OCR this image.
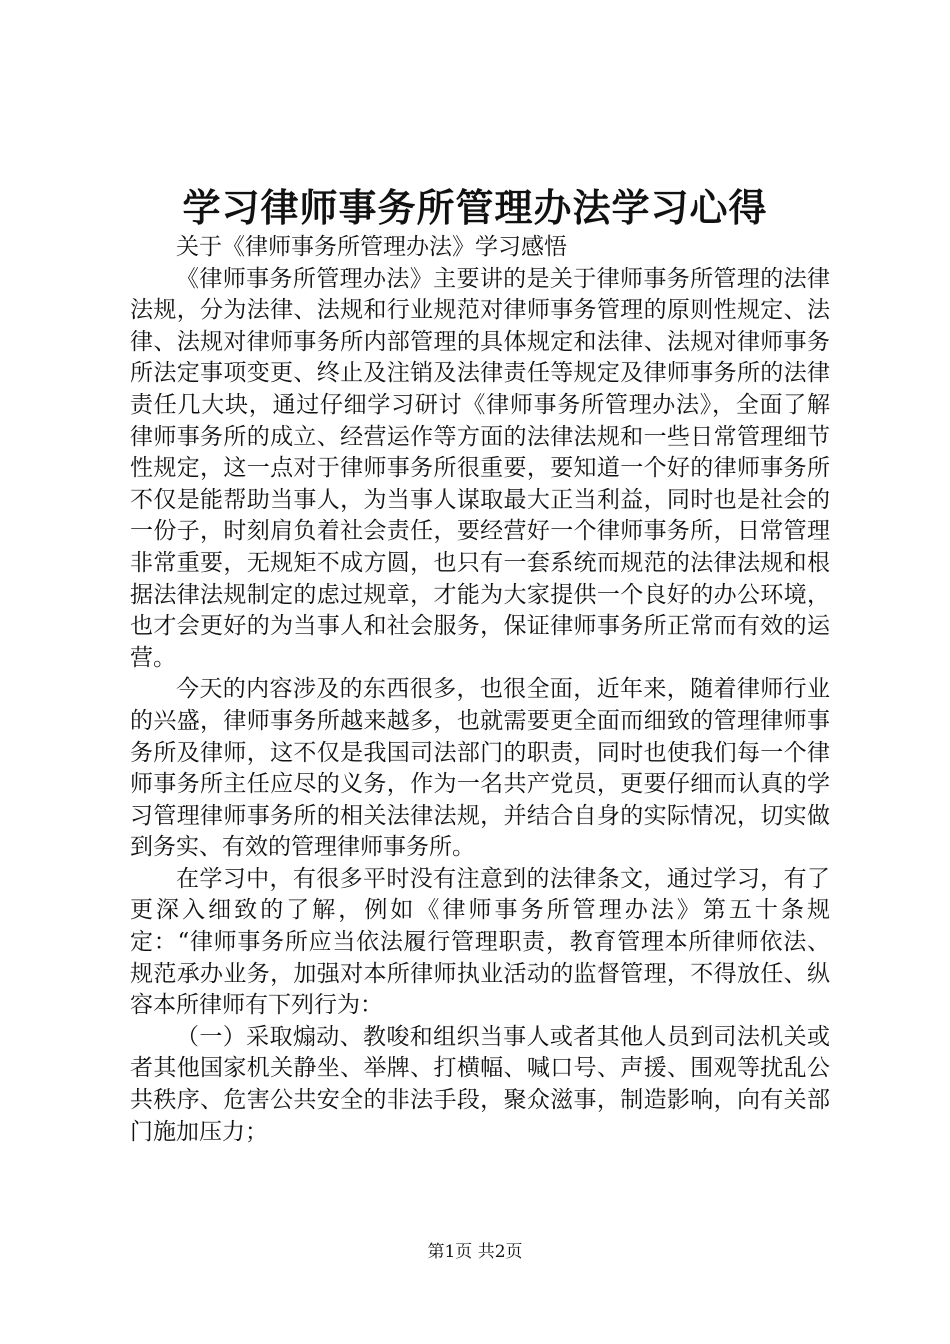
学习律师事务所管理办法学习心得

关于《律师事务所管理办法》学习感悟

《律师事务所管理办法》主要讲的是关于律师事务所管理的法律法规，分为法律、法规和行业规范对律师事务管理的原则性规定、法律、法规对律师事务所内部管理的具体规定和法律、法规对律师事务所法定事项变更、终止及注销及法律责任等规定及律师事务所的法律责任几大块，通过仔细学习研讨《律师事务所管理办法》，全面了解律师事务所的成立、经营运作等方面的法律法规和一些日常管理细节性规定，这一点对于律师事务所很重要，要知道一个好的律师事务所不仅是能帮助当事人，为当事人谋取最大正当利益，同时也是社会的一份子，时刻肩负着社会责任，要经营好一个律师事务所，日常管理非常重要，无规矩不成方圆，也只有一套系统而规范的法律法规和根据法律法规制定的虑过规章，才能为大家提供一个良好的办公环境，也才会更好的为当事人和社会服务，保证律师事务所正常而有效的运营。

今天的内容涉及的东西很多，也很全面，近年来，随着律师行业的兴盛，律师事务所越来越多，也就需要更全面而细致的管理律师事务所及律师，这不仅是我国司法部门的职责，同时也使我们每一个律师事务所主任应尽的义务，作为一名共产党员，更要仔细而认真的学习管理律师事务所的相关法律法规，并结合自身的实际情况，切实做到务实、有效的管理律师事务所。

在学习中，有很多平时没有注意到的法律条文，通过学习，有了更深入细致的了解，例如《律师事务所管理办法》第五十条规定：“律师事务所应当依法履行管理职责，教育管理本所律师依法、规范承办业务，加强对本所律师执业活动的监督管理，不得放任、纵容本所律师有下列行为：

（一）采取煽动、教唆和组织当事人或者其他人员到司法机关或者其他国家机关静坐、举牌、打横幅、喊口号、声援、围观等扰乱公共秩序、危害公共安全的非法手段，聚众滋事，制造影响，向有关部门施加压力；

第1页 共2页
